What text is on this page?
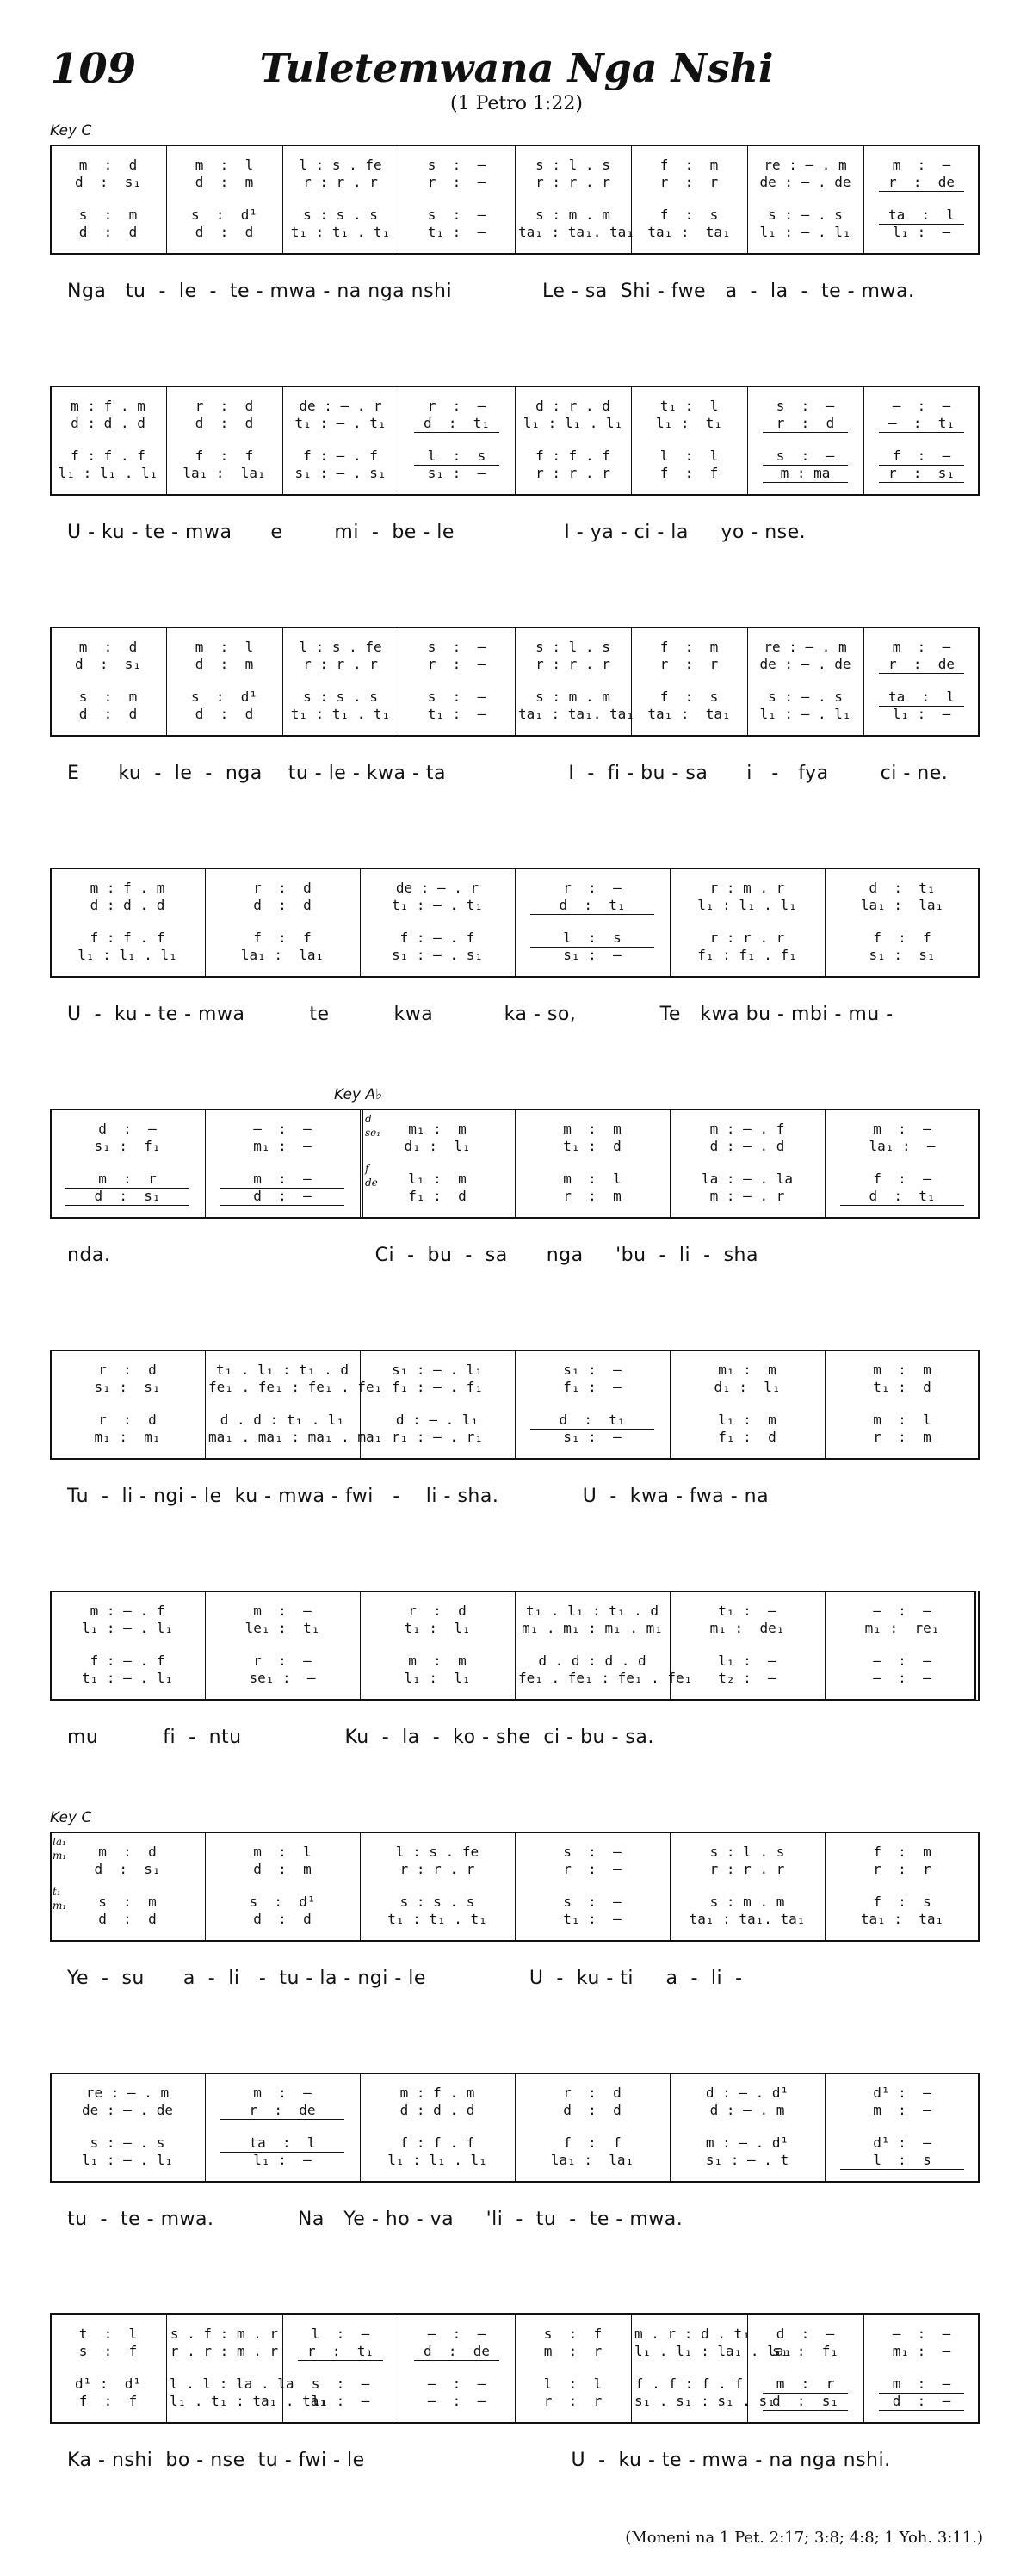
109	Tuletemwana Nga Nshi
(1 Petro 1:22)
Key C
m  :  d
d  :  s₁
s  :  m
d  :  d
m  :  l
d  :  m
s  :  d¹
d  :  d
l : s . fe
r : r . r
s : s . s
t₁ : t₁ . t₁
s  :  —
r  :  —
s  :  —
t₁ :  —
s : l . s
r : r . r
s : m . m
ta₁ : ta₁. ta₁
f  :  m
r  :  r
f  :  s
ta₁ :  ta₁
re : – . m
de : – . de
s : – . s
l₁ : – . l₁
m  :  —
r  :  de
ta  :  l
l₁ :  —
Nga   tu  -  le  -  te - mwa - na nga nshi              Le - sa  Shi - fwe   a  -  la  -  te - mwa.
m : f . m
d : d . d
f : f . f
l₁ : l₁ . l₁
r  :  d
d  :  d
f  :  f
la₁ :  la₁
de : – . r
t₁ : – . t₁
f : – . f
s₁ : – . s₁
r  :  —
d  :  t₁
l  :  s
s₁ :  —
d : r . d
l₁ : l₁ . l₁
f : f . f
r : r . r
t₁ :  l
l₁ :  t₁
l  :  l
f  :  f
s  :  —
r  :  d
s  :  —
m : ma
—  :  —
—  :  t₁
f  :  —
r  :  s₁
U - ku - te - mwa      e        mi  -  be - le                 I - ya - ci - la     yo - nse.
m  :  d
d  :  s₁
s  :  m
d  :  d
m  :  l
d  :  m
s  :  d¹
d  :  d
l : s . fe
r : r . r
s : s . s
t₁ : t₁ . t₁
s  :  —
r  :  —
s  :  —
t₁ :  —
s : l . s
r : r . r
s : m . m
ta₁ : ta₁. ta₁
f  :  m
r  :  r
f  :  s
ta₁ :  ta₁
re : – . m
de : – . de
s : – . s
l₁ : – . l₁
m  :  —
r  :  de
ta  :  l
l₁ :  —
E      ku  -  le  -  nga    tu - le - kwa - ta                   I  -  fi - bu - sa      i   -   fya        ci - ne.
m : f . m
d : d . d
f : f . f
l₁ : l₁ . l₁
r  :  d
d  :  d
f  :  f
la₁ :  la₁
de : – . r
t₁ : – . t₁
f : – . f
s₁ : – . s₁
r  :  —
d  :  t₁
l  :  s
s₁ :  —
r : m . r
l₁ : l₁ . l₁
r : r . r
f₁ : f₁ . f₁
d  :  t₁
la₁ :  la₁
f  :  f
s₁ :  s₁
U  -  ku - te - mwa          te          kwa           ka - so,             Te   kwa bu - mbi - mu -
Key A♭
d  :  —
s₁ :  f₁
m  :  r
d  :  s₁
—  :  —
m₁ :  —
m  :  —
d  :  —
m₁ :  m
d₁ :  l₁
l₁ :  m
f₁ :  d
m  :  m
t₁ :  d
m  :  l
r  :  m
m : – . f
d : – . d
la : – . la
m : – . r
m  :  —
la₁ :  —
f  :  —
d  :  t₁
d
se₁
f
de
nda.                                         Ci  -  bu  -  sa      nga     'bu  -  li  -  sha
r  :  d
s₁ :  s₁
r  :  d
m₁ :  m₁
t₁ . l₁ : t₁ . d
fe₁ . fe₁ : fe₁ . fe₁
d . d : t₁ . l₁
ma₁ . ma₁ : ma₁ . ma₁
s₁ : – . l₁
f₁ : – . f₁
d : – . l₁
r₁ : – . r₁
s₁ :  —
f₁ :  —
d  :  t₁
s₁ :  —
m₁ :  m
d₁ :  l₁
l₁ :  m
f₁ :  d
m  :  m
t₁ :  d
m  :  l
r  :  m
Tu  -  li - ngi - le  ku - mwa - fwi   -    li - sha.             U  -  kwa - fwa - na
m : – . f
l₁ : – . l₁
f : – . f
t₁ : – . l₁
m  :  —
le₁ :  t₁
r  :  —
se₁ :  —
r  :  d
t₁ :  l₁
m  :  m
l₁ :  l₁
t₁ . l₁ : t₁ . d
m₁ . m₁ : m₁ . m₁
d . d : d . d
fe₁ . fe₁ : fe₁ . fe₁
t₁ :  —
m₁ :  de₁
l₁ :  —
t₂ :  —
—  :  —
m₁ :  re₁
—  :  —
—  :  —
mu          fi  -  ntu                Ku  -  la  -  ko - she  ci - bu - sa.
Key C
m  :  d
d  :  s₁
s  :  m
d  :  d
m  :  l
d  :  m
s  :  d¹
d  :  d
l : s . fe
r : r . r
s : s . s
t₁ : t₁ . t₁
s  :  —
r  :  —
s  :  —
t₁ :  —
s : l . s
r : r . r
s : m . m
ta₁ : ta₁. ta₁
f  :  m
r  :  r
f  :  s
ta₁ :  ta₁
la₁
m₁
t₁
m₁
Ye  -  su      a  -  li   -  tu - la - ngi - le                U  -  ku - ti     a  -  li  -
re : – . m
de : – . de
s : – . s
l₁ : – . l₁
m  :  —
r  :  de
ta  :  l
l₁ :  —
m : f . m
d : d . d
f : f . f
l₁ : l₁ . l₁
r  :  d
d  :  d
f  :  f
la₁ :  la₁
d : – . d¹
d : – . m
m : – . d¹
s₁ : – . t
d¹ :  —
m  :  —
d¹ :  —
l  :  s
tu  -  te - mwa.             Na   Ye - ho - va     'li  -  tu  -  te - mwa.
t  :  l
s  :  f
d¹ :  d¹
f  :  f
s . f : m . r
r . r : m . r
l . l : la . la
l₁ . t₁ : ta₁ . ta₁
l  :  —
r  :  t₁
s  :  —
l₁ :  —
—  :  —
d  :  de
—  :  —
—  :  —
s  :  f
m  :  r
l  :  l
r  :  r
m . r : d . t₁
l₁ . l₁ : la₁ . la₁
f . f : f . f
s₁ . s₁ : s₁ . s₁
d  :  —
s₁ :  f₁
m  :  r
d  :  s₁
—  :  —
m₁ :  —
m  :  —
d  :  —
Ka - nshi  bo - nse  tu - fwi - le                                U  -  ku - te - mwa - na nga nshi.
(Moneni na 1 Pet. 2:17; 3:8; 4:8; 1 Yoh. 3:11.)
